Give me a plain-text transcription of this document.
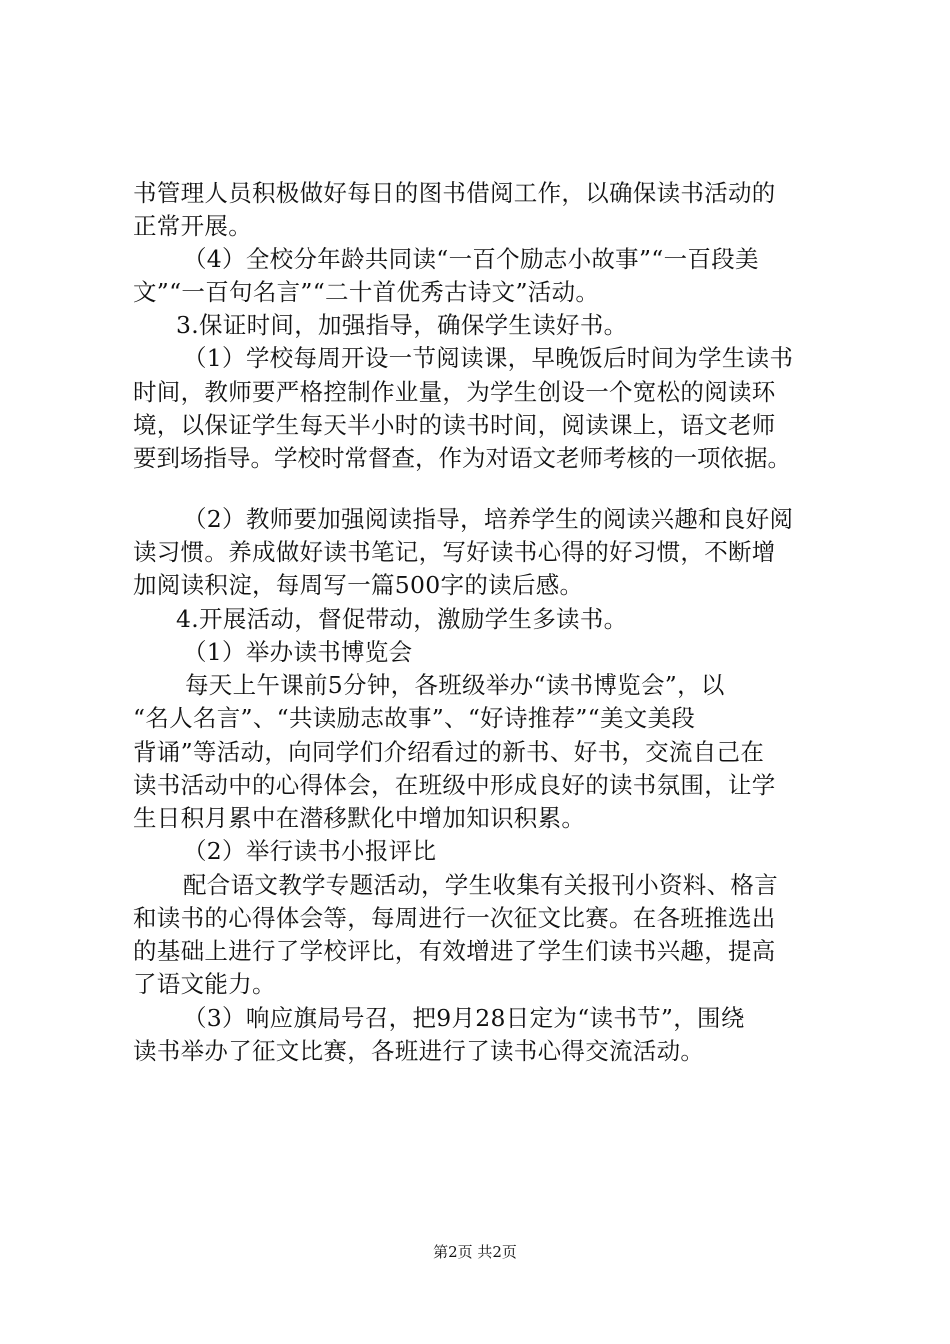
书管理人员积极做好每日的图书借阅工作，以确保读书活动的
正常开展。
（4）全校分年龄共同读“一百个励志小故事”“一百段美
文”“一百句名言”“二十首优秀古诗文”活动。
3.保证时间，加强指导，确保学生读好书。
（1）学校每周开设一节阅读课，早晚饭后时间为学生读书
时间，教师要严格控制作业量，为学生创设一个宽松的阅读环
境，以保证学生每天半小时的读书时间，阅读课上，语文老师
要到场指导。学校时常督查，作为对语文老师考核的一项依据。
（2）教师要加强阅读指导，培养学生的阅读兴趣和良好阅
读习惯。养成做好读书笔记，写好读书心得的好习惯，不断增
加阅读积淀，每周写一篇500字的读后感。
4.开展活动，督促带动，激励学生多读书。
（1）举办读书博览会
每天上午课前5分钟，各班级举办“读书博览会”，以
“名人名言”、“共读励志故事”、“好诗推荐”“美文美段
背诵”等活动，向同学们介绍看过的新书、好书，交流自己在
读书活动中的心得体会，在班级中形成良好的读书氛围，让学
生日积月累中在潜移默化中增加知识积累。
（2）举行读书小报评比
配合语文教学专题活动，学生收集有关报刊小资料、格言
和读书的心得体会等，每周进行一次征文比赛。在各班推选出
的基础上进行了学校评比，有效增进了学生们读书兴趣，提高
了语文能力。
（3）响应旗局号召，把9月28日定为“读书节”，围绕
读书举办了征文比赛，各班进行了读书心得交流活动。
第2页 共2页
